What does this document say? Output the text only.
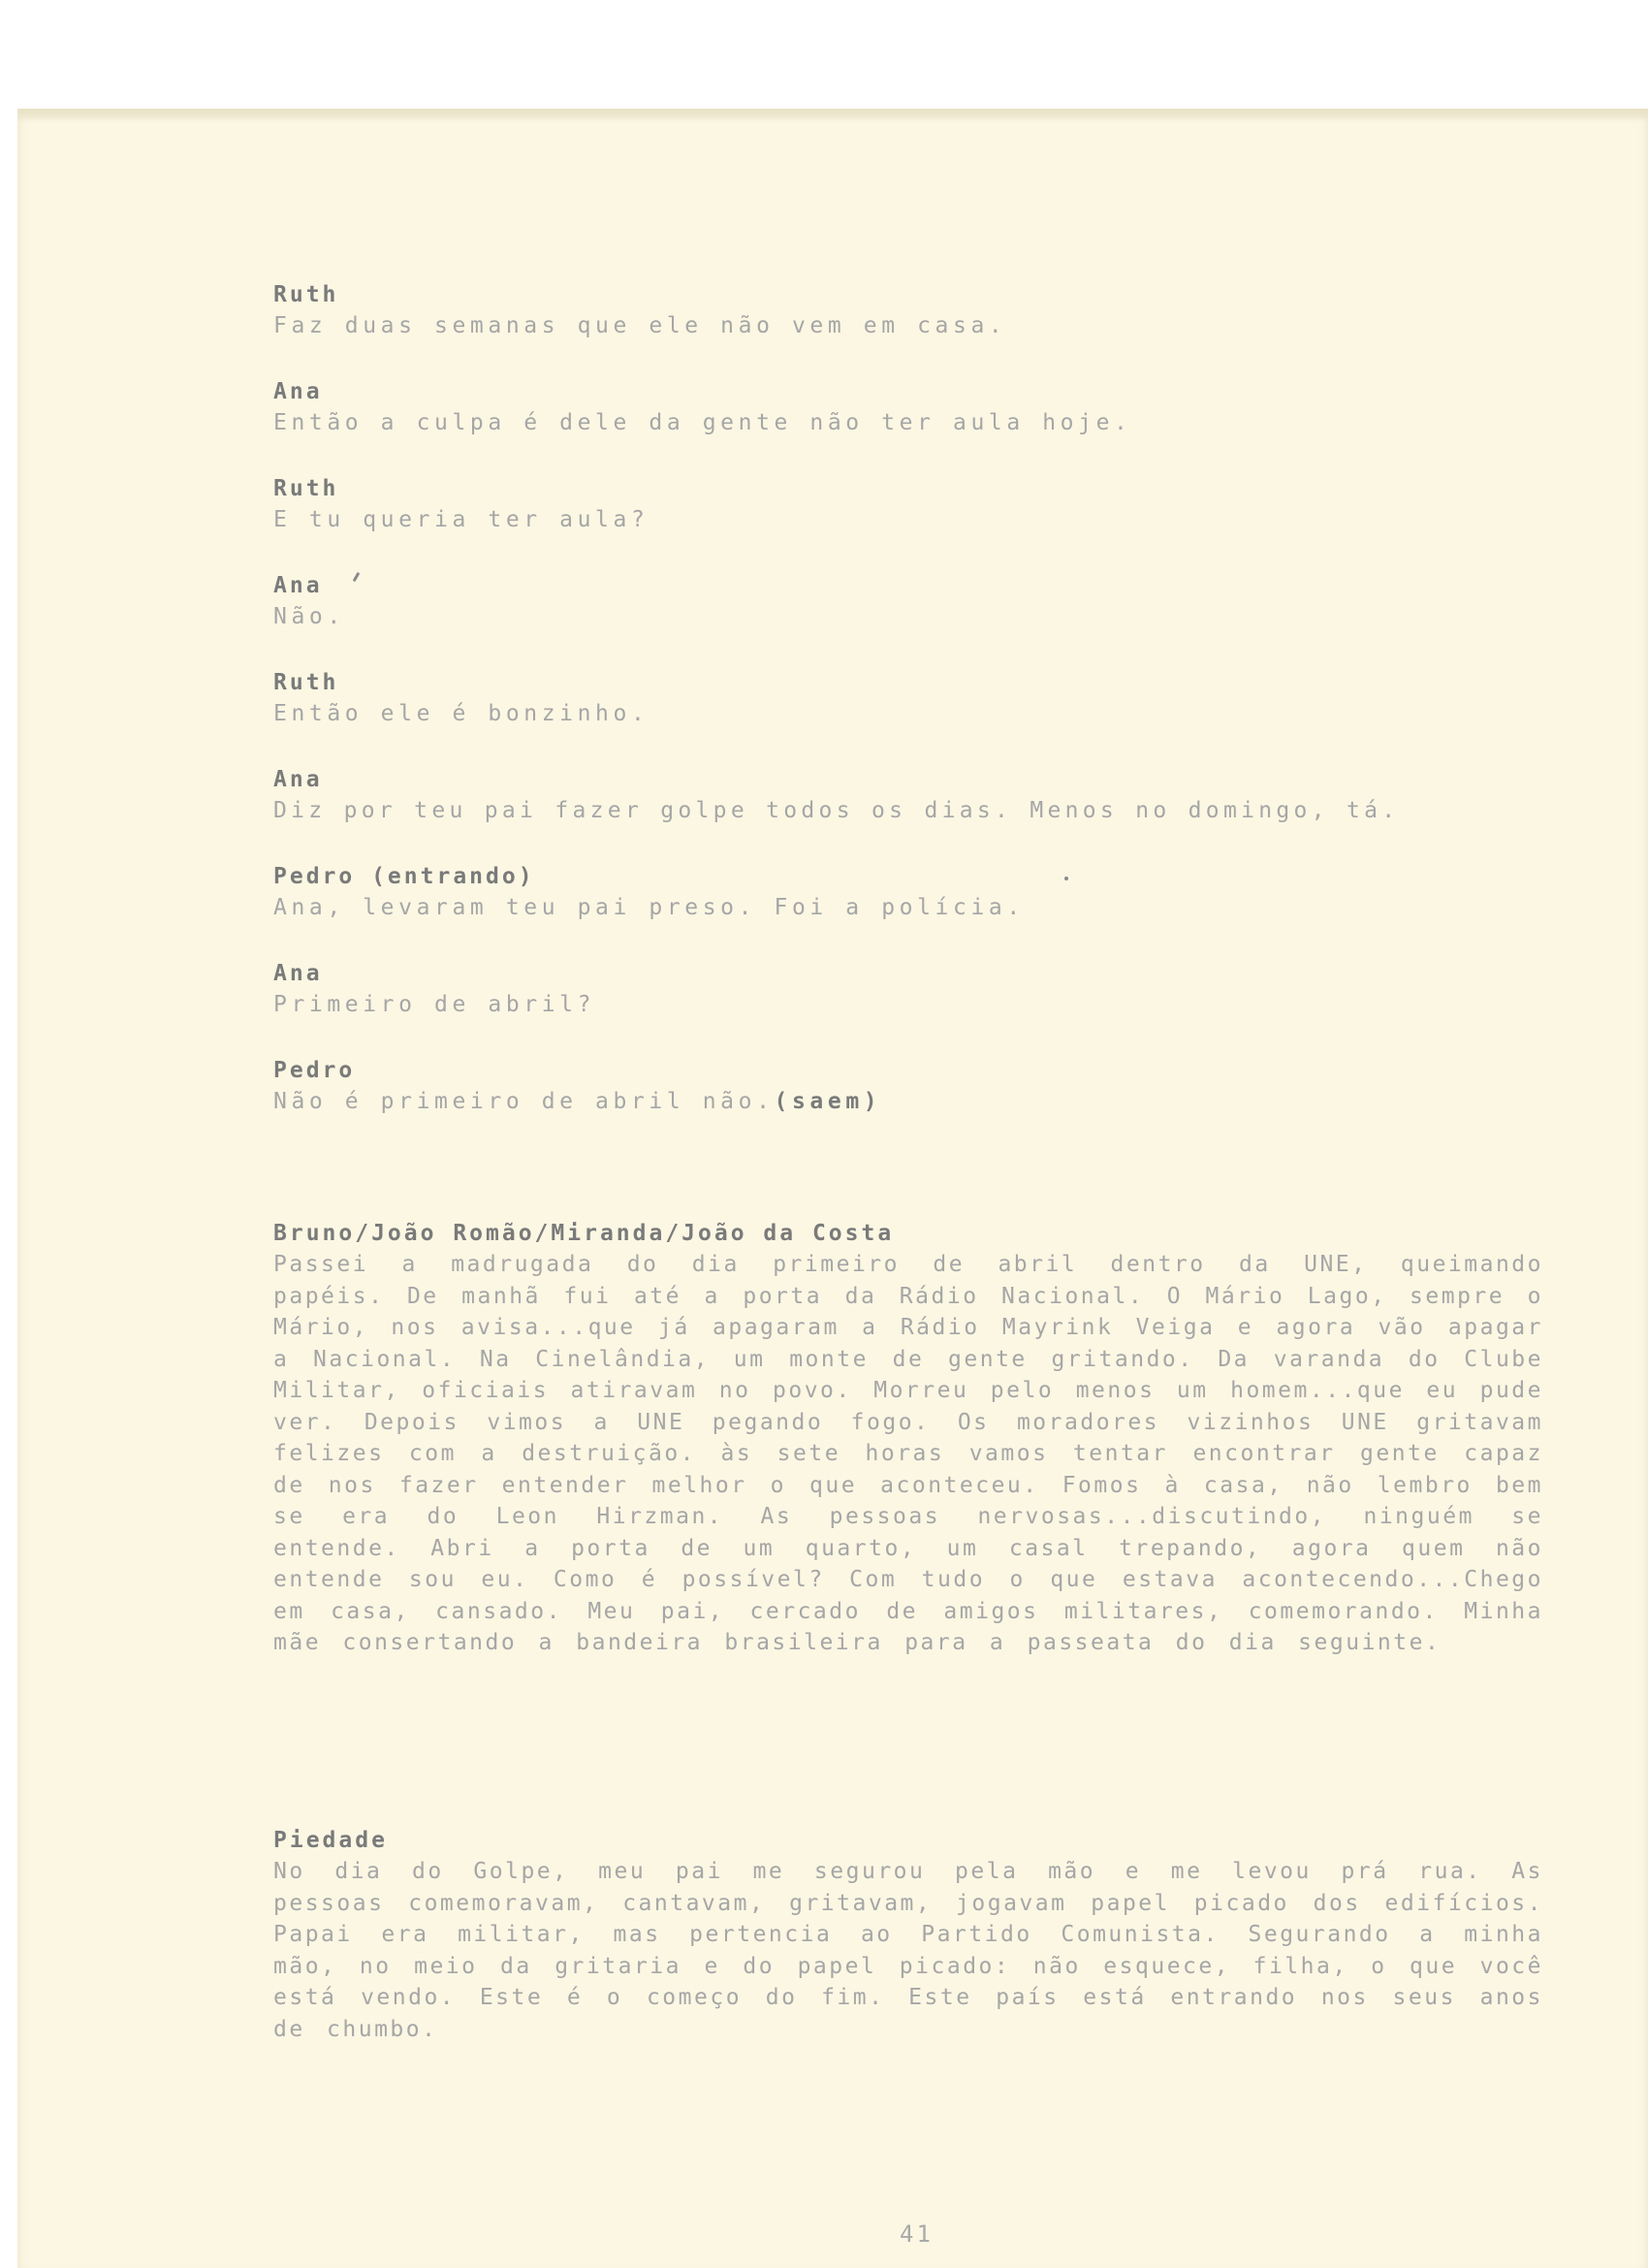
Ruth
Faz duas semanas que ele não vem em casa.
Ana
Então a culpa é dele da gente não ter aula hoje.
Ruth
E tu queria ter aula?
Ana
Não.
Ruth
Então ele é bonzinho.
Ana
Diz por teu pai fazer golpe todos os dias. Menos no domingo, tá.
Pedro (entrando)
Ana, levaram teu pai preso. Foi a polícia.
Ana
Primeiro de abril?
Pedro
Não é primeiro de abril não.(saem)
Bruno/João Romão/Miranda/João da Costa
Passei a madrugada do dia primeiro de abril dentro da UNE, queimando papéis. De manhã fui até a porta da Rádio Nacional. O Mário Lago, sempre o Mário, nos avisa...que já apagaram a Rádio Mayrink Veiga e agora vão apagar a Nacional. Na Cinelândia, um monte de gente gritando. Da varanda do Clube Militar, oficiais atiravam no povo. Morreu pelo menos um homem...que eu pude ver. Depois vimos a UNE pegando fogo. Os moradores vizinhos UNE gritavam felizes com a destruição. às sete horas vamos tentar encontrar gente capaz de nos fazer entender melhor o que aconteceu. Fomos à casa, não lembro bem se era do Leon Hirzman. As pessoas nervosas...discutindo, ninguém se entende. Abri a porta de um quarto, um casal trepando, agora quem não entende sou eu. Como é possível? Com tudo o que estava acontecendo...Chego em casa, cansado. Meu pai, cercado de amigos militares, comemorando. Minha mãe consertando a bandeira brasileira para a passeata do dia seguinte.
Piedade
No dia do Golpe, meu pai me segurou pela mão e me levou prá rua. As pessoas comemoravam, cantavam, gritavam, jogavam papel picado dos edifícios. Papai era militar, mas pertencia ao Partido Comunista. Segurando a minha mão, no meio da gritaria e do papel picado: não esquece, filha, o que você está vendo. Este é o começo do fim. Este país está entrando nos seus anos de chumbo.
41
